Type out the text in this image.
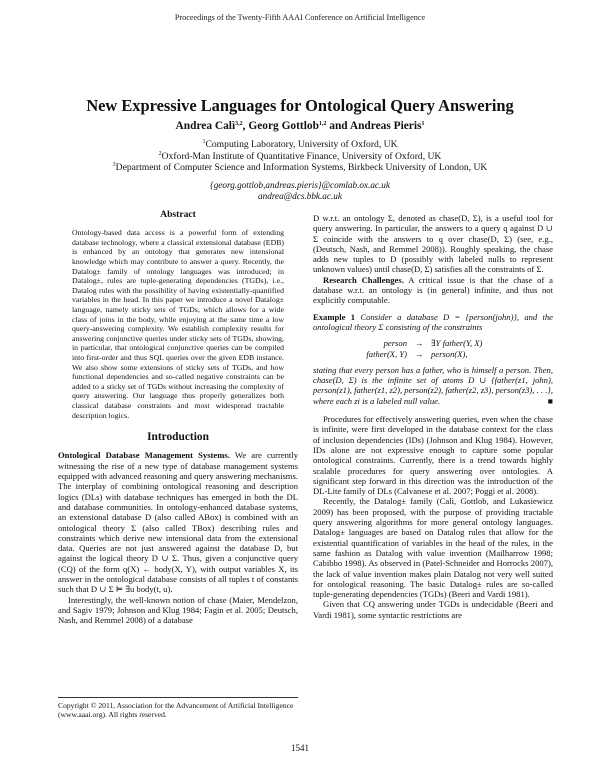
Proceedings of the Twenty-Fifth AAAI Conference on Artificial Intelligence
New Expressive Languages for Ontological Query Answering
Andrea Calì$^{3,2}$, Georg Gottlob$^{1,2}$ and Andreas Pieris$^1$
$^1$Computing Laboratory, University of Oxford, UK
$^2$Oxford-Man Institute of Quantitative Finance, University of Oxford, UK
$^3$Department of Computer Science and Information Systems, Birkbeck University of London, UK
{georg.gottlob,andreas.pieris}@comlab.ox.ac.uk
andrea@dcs.bbk.ac.uk
Abstract

Ontology-based data access is a powerful form of extending database technology, where a classical extensional database (EDB) is enhanced by an ontology that generates new intensional knowledge which may contribute to answer a query. Recently, the Datalog± family of ontology languages was introduced; in Datalog±, rules are tuple-generating dependencies (TGDs), i.e., Datalog rules with the possibility of having existentially-quantified variables in the head. In this paper we introduce a novel Datalog± language, namely sticky sets of TGDs, which allows for a wide class of joins in the body, while enjoying at the same time a low query-answering complexity. We establish complexity results for answering conjunctive queries under sticky sets of TGDs, showing, in particular, that ontological conjunctive queries can be compiled into first-order and thus SQL queries over the given EDB instance. We also show some extensions of sticky sets of TGDs, and how functional dependencies and so-called negative constraints can be added to a sticky set of TGDs without increasing the complexity of query answering. Our language thus properly generalizes both classical database constraints and most widespread tractable description logics.

Introduction

Ontological Database Management Systems. We are currently witnessing the rise of a new type of database management systems equipped with advanced reasoning and query answering mechanisms. The interplay of combining ontological reasoning and description logics (DLs) with database techniques has emerged in both the DL and database communities. In ontology-enhanced database systems, an extensional database D (also called ABox) is combined with an ontological theory Σ (also called TBox) describing rules and constraints which derive new intensional data from the extensional data. Queries are not just answered against the database D, but against the logical theory D ∪ Σ. Thus, given a conjunctive query (CQ) of the form q(X) ← body(X, Y), with output variables X, its answer in the ontological database consists of all tuples t of constants such that D ∪ Σ ⊨ ∃u body(t, u).

Interestingly, the well-known notion of chase (Maier, Mendelzon, and Sagiv 1979; Johnson and Klug 1984; Fagin et al. 2005; Deutsch, Nash, and Remmel 2008) of a database

Copyright © 2011, Association for the Advancement of Artificial Intelligence (www.aaai.org). All rights reserved.

D w.r.t. an ontology Σ, denoted as chase(D, Σ), is a useful tool for query answering. In particular, the answers to a query q against D ∪ Σ coincide with the answers to q over chase(D, Σ) (see, e.g., (Deutsch, Nash, and Remmel 2008)). Roughly speaking, the chase adds new tuples to D (possibly with labeled nulls to represent unknown values) until chase(D, Σ) satisfies all the constraints of Σ.

Research Challenges. A critical issue is that the chase of a database w.r.t. an ontology is (in general) infinite, and thus not explicitly computable.

Example 1 Consider a database D = {person(john)}, and the ontological theory Σ consisting of the constraints

person → ∃Y father(Y, X)
father(X, Y) → person(X),

stating that every person has a father, who is himself a person. Then, chase(D, Σ) is the infinite set of atoms D ∪ {father(z1, john), person(z1), father(z1, z2), person(z2), father(z2, z3), person(z3), . . .}, where each zi is a labeled null value.	■

Procedures for effectively answering queries, even when the chase is infinite, were first developed in the database context for the class of inclusion dependencies (IDs) (Johnson and Klug 1984). However, IDs alone are not expressive enough to capture some popular ontological constraints. Currently, there is a trend towards highly scalable procedures for query answering over ontologies. A significant step forward in this direction was the introduction of the DL-Lite family of DLs (Calvanese et al. 2007; Poggi et al. 2008).

Recently, the Datalog± family (Calì, Gottlob, and Lukasiewicz 2009) has been proposed, with the purpose of providing tractable query answering algorithms for more general ontology languages. Datalog± languages are based on Datalog rules that allow for the existential quantification of variables in the head of the rules, in the same fashion as Datalog with value invention (Mailharrow 1998; Cabibbo 1998). As observed in (Patel-Schneider and Horrocks 2007), the lack of value invention makes plain Datalog not very well suited for ontological reasoning. The basic Datalog± rules are so-called tuple-generating dependencies (TGDs) (Beeri and Vardi 1981).

Given that CQ answering under TGDs is undecidable (Beeri and Vardi 1981), some syntactic restrictions are

1541
